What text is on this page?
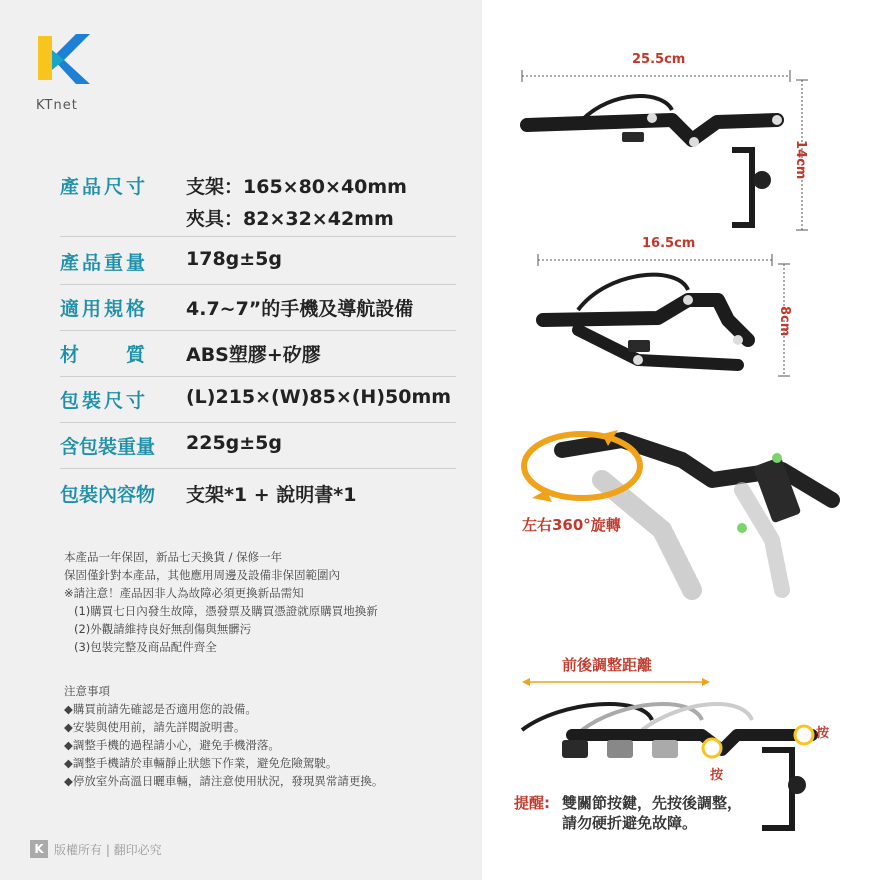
KTnet
產品尺寸	支架：165×80×40mm
夾具：82×32×42mm
產品重量	178g±5g
適用規格	4.7~7”的手機及導航設備
材　　質	ABS塑膠+矽膠
包裝尺寸	(L)215×(W)85×(H)50mm
含包裝重量	225g±5g
包裝內容物	支架*1 + 說明書*1
本產品一年保固，新品七天換貨 / 保修一年
保固僅針對本產品，其他應用周邊及設備非保固範圍內
※請注意！產品因非人為故障必須更換新品需知
(1)購買七日內發生故障，憑發票及購買憑證就原購買地換新
(2)外觀請維持良好無刮傷與無髒污
(3)包裝完整及商品配件齊全
注意事項
◆購買前請先確認是否適用您的設備。
◆安裝與使用前，請先詳閱說明書。
◆調整手機的過程請小心，避免手機滑落。
◆調整手機請於車輛靜止狀態下作業，避免危險駕駛。
◆停放室外高溫日曬車輛，請注意使用狀況，發現異常請更換。
K 版權所有 | 翻印必究
25.5cm
14cm
16.5cm
8cm
左右360°旋轉
前後調整距離
按
按
提醒: 雙關節按鍵，先按後調整，
請勿硬折避免故障。
